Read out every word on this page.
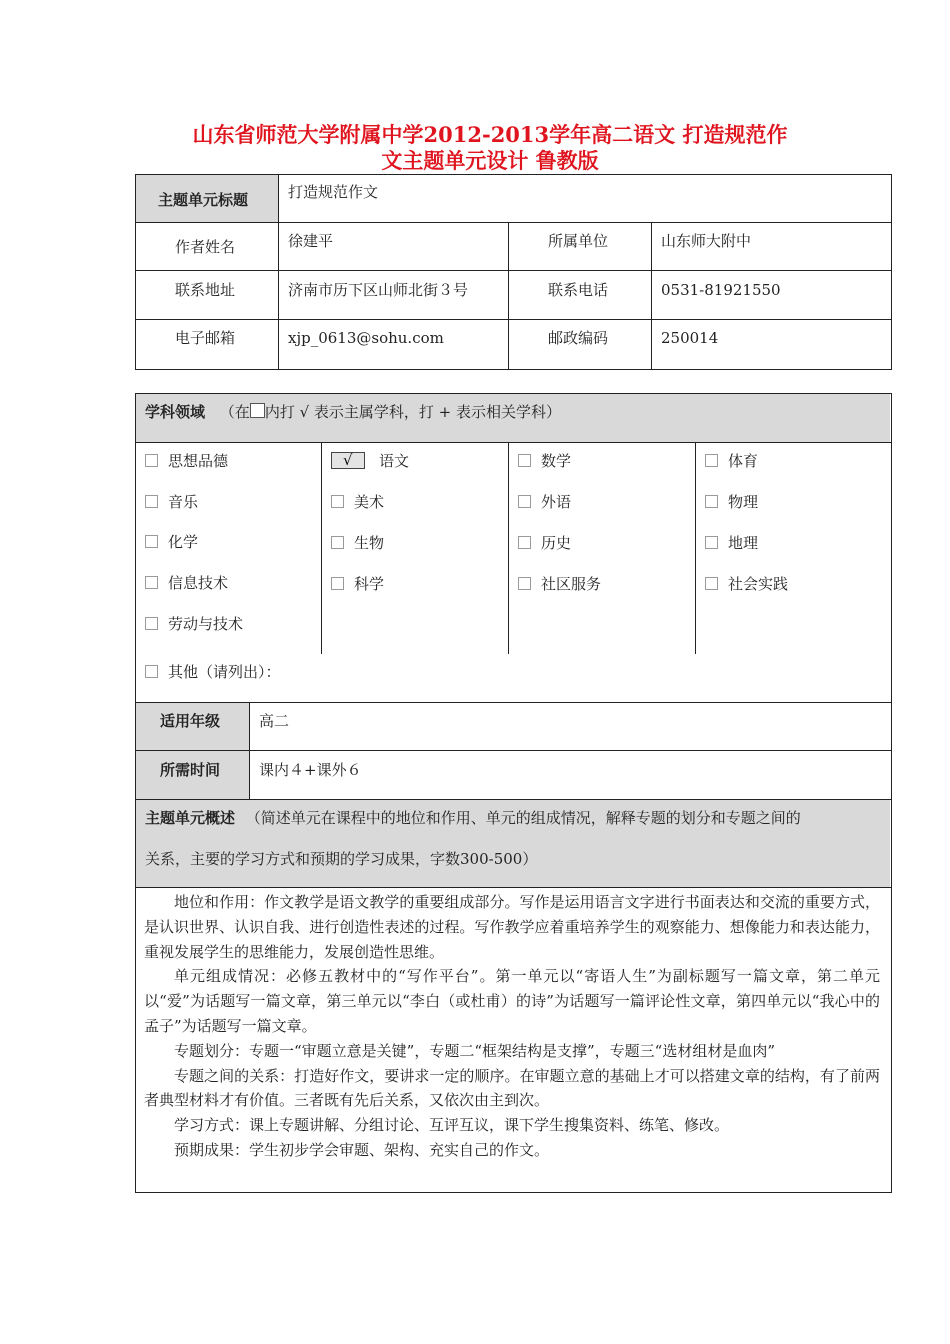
山东省师范大学附属中学2012-2013学年高二语文 打造规范作
文主题单元设计 鲁教版
主题单元标题	打造规范作文
作者姓名	徐建平	所属单位	山东师大附中
联系地址	济南市历下区山师北街３号	联系电话	0531-81921550
电子邮箱	xjp_0613@sohu.com	邮政编码	250014
学科领域 （在 内打 √ 表示主属学科，打 + 表示相关学科）
思想品德
音乐
化学
信息技术
劳动与技术
√语文
美术
生物
科学
数学
外语
历史
社区服务
体育
物理
地理
社会实践
其他（请列出）：
适用年级	高二
所需时间	课内４+课外６
主题单元概述 （简述单元在课程中的地位和作用、单元的组成情况，解释专题的划分和专题之间的
关系，主要的学习方式和预期的学习成果，字数300-500）

地位和作用：作文教学是语文教学的重要组成部分。写作是运用语言文字进行书面表达和交流的重要方式，是认识世界、认识自我、进行创造性表述的过程。写作教学应着重培养学生的观察能力、想像能力和表达能力，重视发展学生的思维能力，发展创造性思维。

单元组成情况：必修五教材中的“写作平台”。第一单元以“寄语人生”为副标题写一篇文章，第二单元以“爱”为话题写一篇文章，第三单元以“李白（或杜甫）的诗”为话题写一篇评论性文章，第四单元以“我心中的孟子”为话题写一篇文章。

专题划分：专题一“审题立意是关键”，专题二“框架结构是支撑”，专题三“选材组材是血肉”

专题之间的关系：打造好作文，要讲求一定的顺序。在审题立意的基础上才可以搭建文章的结构，有了前两者典型材料才有价值。三者既有先后关系，又依次由主到次。

学习方式：课上专题讲解、分组讨论、互评互议，课下学生搜集资料、练笔、修改。

预期成果：学生初步学会审题、架构、充实自己的作文。
